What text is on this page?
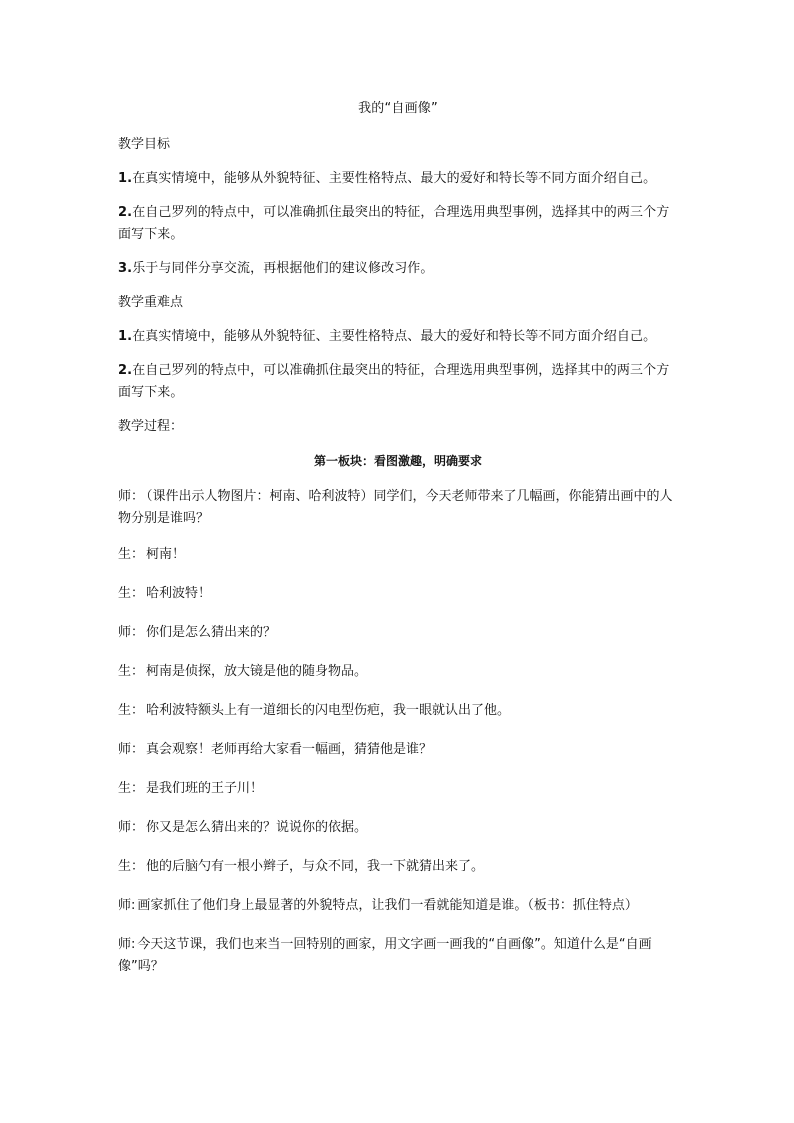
我的“自画像”
教学目标

1.在真实情境中，能够从外貌特征、主要性格特点、最大的爱好和特长等不同方面介绍自己。

2.在自己罗列的特点中，可以准确抓住最突出的特征，合理选用典型事例，选择其中的两三个方面写下来。

3.乐于与同伴分享交流，再根据他们的建议修改习作。

教学重难点

1.在真实情境中，能够从外貌特征、主要性格特点、最大的爱好和特长等不同方面介绍自己。

2.在自己罗列的特点中，可以准确抓住最突出的特征，合理选用典型事例，选择其中的两三个方面写下来。

教学过程：
第一板块：看图激趣，明确要求

师： （课件出示人物图片：柯南、哈利波特）同学们，今天老师带来了几幅画，你能猜出画中的人物分别是谁吗？

生： 柯南！

生： 哈利波特！

师： 你们是怎么猜出来的？

生： 柯南是侦探，放大镜是他的随身物品。

生： 哈利波特额头上有一道细长的闪电型伤疤，我一眼就认出了他。

师： 真会观察！老师再给大家看一幅画，猜猜他是谁？

生： 是我们班的王子川！

师： 你又是怎么猜出来的？说说你的依据。

生： 他的后脑勺有一根小辫子，与众不同，我一下就猜出来了。

师: 画家抓住了他们身上最显著的外貌特点，让我们一看就能知道是谁。（板书：抓住特点）

师: 今天这节课，我们也来当一回特别的画家，用文字画一画我的“自画像”。知道什么是“自画像”吗？
